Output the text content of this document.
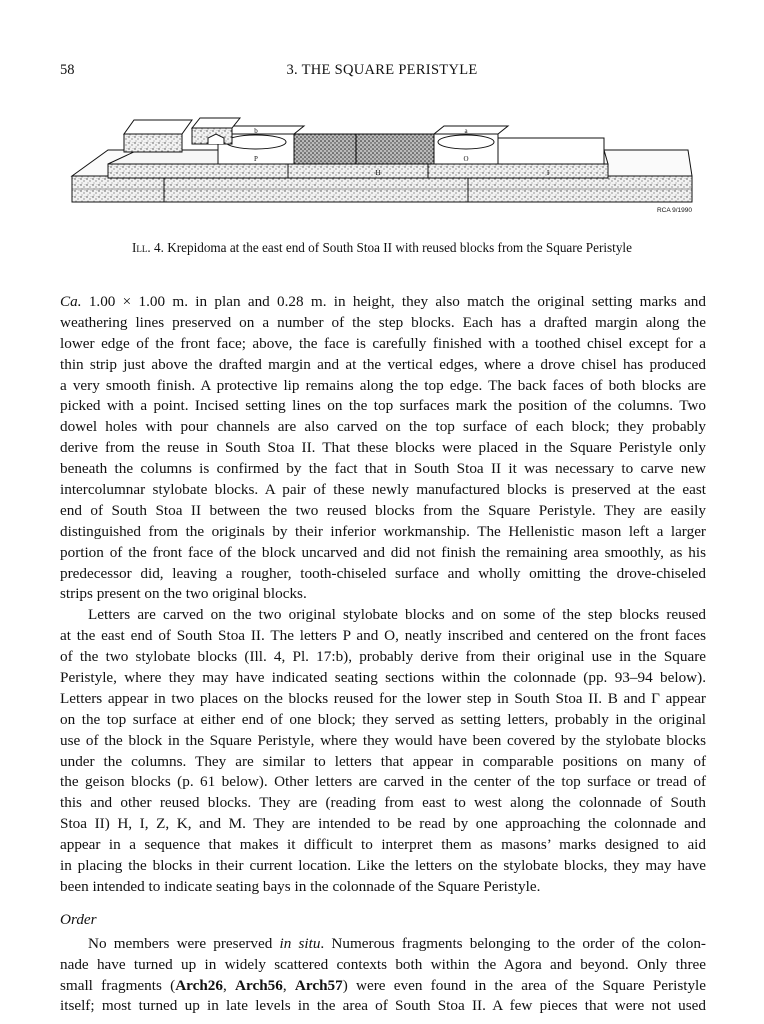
58	3. THE SQUARE PERISTYLE
P	O
H	I
b	a
RCA 9/1990
Ill. 4. Krepidoma at the east end of South Stoa II with reused blocks from the Square Peristyle
Ca. 1.00 × 1.00 m. in plan and 0.28 m. in height, they also match the original setting marks and
weathering lines preserved on a number of the step blocks. Each has a drafted margin along the
lower edge of the front face; above, the face is carefully finished with a toothed chisel except for a
thin strip just above the drafted margin and at the vertical edges, where a drove chisel has produced
a very smooth finish. A protective lip remains along the top edge. The back faces of both blocks are
picked with a point. Incised setting lines on the top surfaces mark the position of the columns. Two
dowel holes with pour channels are also carved on the top surface of each block; they probably
derive from the reuse in South Stoa II. That these blocks were placed in the Square Peristyle only
beneath the columns is confirmed by the fact that in South Stoa II it was necessary to carve new
intercolumnar stylobate blocks. A pair of these newly manufactured blocks is preserved at the east
end of South Stoa II between the two reused blocks from the Square Peristyle. They are easily
distinguished from the originals by their inferior workmanship. The Hellenistic mason left a larger
portion of the front face of the block uncarved and did not finish the remaining area smoothly, as his
predecessor did, leaving a rougher, tooth-chiseled surface and wholly omitting the drove-chiseled
strips present on the two original blocks.
Letters are carved on the two original stylobate blocks and on some of the step blocks reused
at the east end of South Stoa II. The letters P and O, neatly inscribed and centered on the front faces
of the two stylobate blocks (Ill. 4, Pl. 17:b), probably derive from their original use in the Square
Peristyle, where they may have indicated seating sections within the colonnade (pp. 93–94 below).
Letters appear in two places on the blocks reused for the lower step in South Stoa II. B and Γ appear
on the top surface at either end of one block; they served as setting letters, probably in the original
use of the block in the Square Peristyle, where they would have been covered by the stylobate blocks
under the columns. They are similar to letters that appear in comparable positions on many of
the geison blocks (p. 61 below). Other letters are carved in the center of the top surface or tread of
this and other reused blocks. They are (reading from east to west along the colonnade of South
Stoa II) H, I, Z, K, and M. They are intended to be read by one approaching the colonnade and
appear in a sequence that makes it difficult to interpret them as masons’ marks designed to aid
in placing the blocks in their current location. Like the letters on the stylobate blocks, they may have
been intended to indicate seating bays in the colonnade of the Square Peristyle.
Order
No members were preserved in situ. Numerous fragments belonging to the order of the colon-
nade have turned up in widely scattered contexts both within the Agora and beyond. Only three
small fragments (Arch26, Arch56, Arch57) were even found in the area of the Square Peristyle
itself; most turned up in late levels in the area of South Stoa II. A few pieces that were not used
